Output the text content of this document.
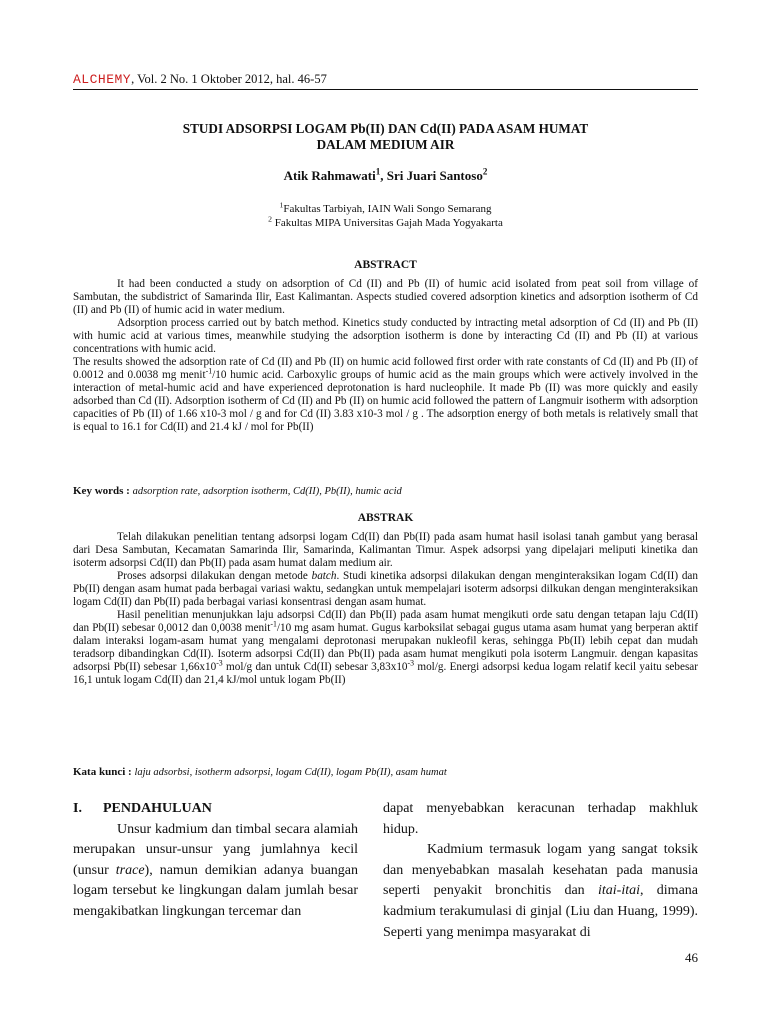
ALCHEMY, Vol. 2 No. 1 Oktober 2012, hal. 46-57
STUDI ADSORPSI LOGAM Pb(II) DAN Cd(II) PADA ASAM HUMAT
DALAM MEDIUM AIR
Atik Rahmawati$^1$, Sri Juari Santoso$^2$
$^1$Fakultas Tarbiyah, IAIN Wali Songo Semarang
$^2$ Fakultas MIPA Universitas Gajah Mada Yogyakarta
ABSTRACT

It had been conducted a study on adsorption of Cd (II) and Pb (II) of humic acid isolated from peat soil from village of Sambutan, the subdistrict of Samarinda Ilir, East Kalimantan. Aspects studied covered adsorption kinetics and adsorption isotherm of Cd (II) and Pb (II) of humic acid in water medium.

Adsorption process carried out by batch method. Kinetics study conducted by intracting metal adsorption of Cd (II) and Pb (II) with humic acid at various times, meanwhile studying the adsorption isotherm is done by interacting Cd (II) and Pb (II) at various concentrations with humic acid.

The results showed the adsorption rate of Cd (II) and Pb (II) on humic acid followed first order with rate constants of Cd (II) and Pb (II) of 0.0012 and 0.0038 mg menit$^{-1}$/10 humic acid. Carboxylic groups of humic acid as the main groups which were actively involved in the interaction of metal-humic acid and have experienced deprotonation is hard nucleophile. It made Pb (II) was more quickly and easily adsorbed than Cd (II). Adsorption isotherm of Cd (II) and Pb (II) on humic acid followed the pattern of Langmuir isotherm with adsorption capacities of Pb (II) of 1.66 x10-3 mol / g and for Cd (II) 3.83 x10-3 mol / g . The adsorption energy of both metals is relatively small that is equal to 16.1 for Cd(II) and 21.4 kJ / mol for Pb(II)

Key words : adsorption rate, adsorption isotherm, Cd(II), Pb(II), humic acid
ABSTRAK

Telah dilakukan penelitian tentang adsorpsi logam Cd(II) dan Pb(II) pada asam humat hasil isolasi tanah gambut yang berasal dari Desa Sambutan, Kecamatan Samarinda Ilir, Samarinda, Kalimantan Timur. Aspek adsorpsi yang dipelajari meliputi kinetika dan isoterm adsorpsi Cd(II) dan Pb(II) pada asam humat dalam medium air.

Proses adsorpsi dilakukan dengan metode batch. Studi kinetika adsorpsi dilakukan dengan menginteraksikan logam Cd(II) dan Pb(II) dengan asam humat pada berbagai variasi waktu, sedangkan untuk mempelajari isoterm adsorpsi dilkukan dengan menginteraksikan logam Cd(II) dan Pb(II) pada berbagai variasi konsentrasi dengan asam humat.

Hasil penelitian menunjukkan laju adsorpsi Cd(II) dan Pb(II) pada asam humat mengikuti orde satu dengan tetapan laju Cd(II) dan Pb(II) sebesar 0,0012 dan 0,0038 menit$^{-1}$/10 mg asam humat. Gugus karboksilat sebagai gugus utama asam humat yang berperan aktif dalam interaksi logam-asam humat yang mengalami deprotonasi merupakan nukleofil keras, sehingga Pb(II) lebih cepat dan mudah teradsorp dibandingkan Cd(II). Isoterm adsorpsi Cd(II) dan Pb(II) pada asam humat mengikuti pola isoterm Langmuir. dengan kapasitas adsorpsi Pb(II) sebesar $1,66x10^{-3}$ mol/g dan untuk Cd(II) sebesar $3,83x10^{-3}$ mol/g. Energi adsorpsi kedua logam relatif kecil yaitu sebesar 16,1 untuk logam Cd(II) dan 21,4 kJ/mol untuk logam Pb(II)

Kata kunci : laju adsorbsi, isotherm adsorpsi, logam Cd(II), logam Pb(II), asam humat
I.      PENDAHULUAN

Unsur kadmium dan timbal secara alamiah merupakan unsur-unsur yang jumlahnya kecil (unsur trace), namun demikian adanya buangan logam tersebut ke lingkungan dalam jumlah besar mengakibatkan lingkungan tercemar dan

dapat menyebabkan keracunan terhadap makhluk hidup.

Kadmium termasuk logam yang sangat toksik dan menyebabkan masalah kesehatan pada manusia seperti penyakit bronchitis dan itai-itai, dimana kadmium terakumulasi di ginjal (Liu dan Huang, 1999). Seperti yang menimpa masyarakat di

46
